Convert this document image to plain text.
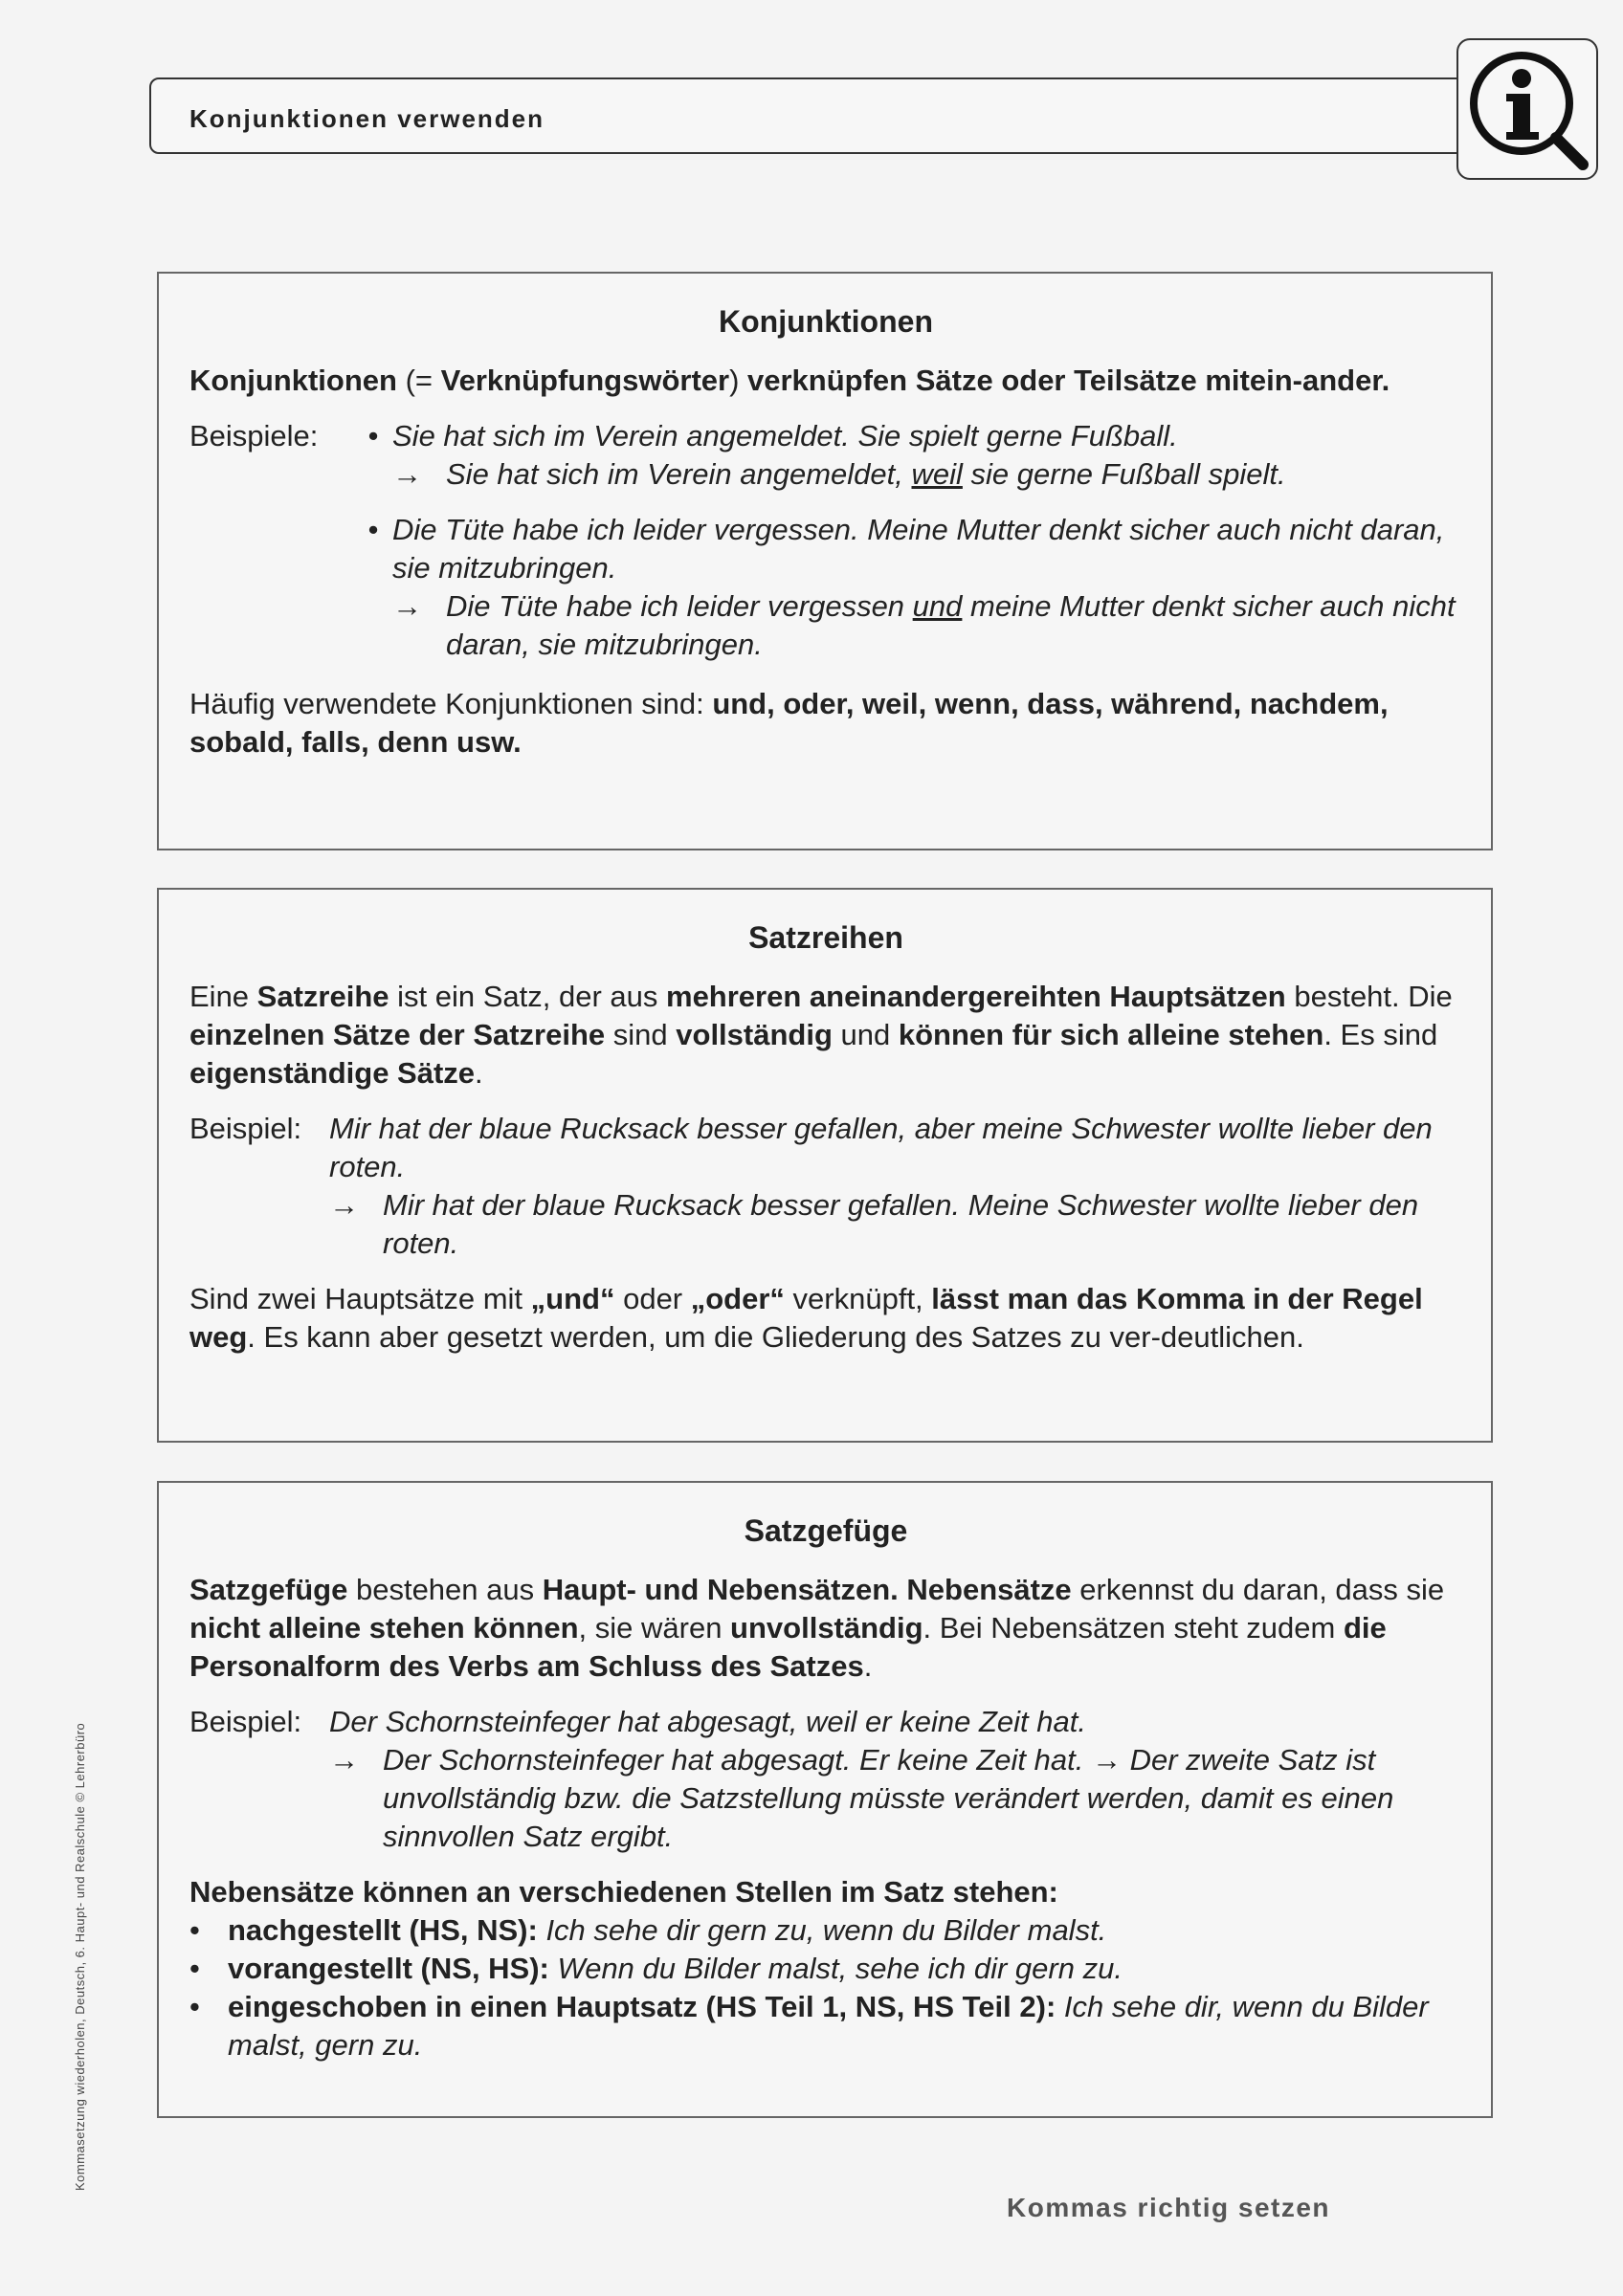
Konjunktionen verwenden
Konjunktionen
Konjunktionen (= Verknüpfungswörter) verknüpfen Sätze oder Teilsätze mitein-ander.
Beispiele:	• Sie hat sich im Verein angemeldet. Sie spielt gerne Fußball.
→ Sie hat sich im Verein angemeldet, weil sie gerne Fußball spielt.
• Die Tüte habe ich leider vergessen. Meine Mutter denkt sicher auch nicht daran, sie mitzubringen.
→ Die Tüte habe ich leider vergessen und meine Mutter denkt sicher auch nicht daran, sie mitzubringen.
Häufig verwendete Konjunktionen sind: und, oder, weil, wenn, dass, während, nachdem, sobald, falls, denn usw.
Satzreihen
Eine Satzreihe ist ein Satz, der aus mehreren aneinandergereihten Hauptsätzen besteht. Die einzelnen Sätze der Satzreihe sind vollständig und können für sich alleine stehen. Es sind eigenständige Sätze.
Beispiel: Mir hat der blaue Rucksack besser gefallen, aber meine Schwester wollte lieber den roten.
→ Mir hat der blaue Rucksack besser gefallen. Meine Schwester wollte lieber den roten.
Sind zwei Hauptsätze mit „und“ oder „oder“ verknüpft, lässt man das Komma in der Regel weg. Es kann aber gesetzt werden, um die Gliederung des Satzes zu ver-deutlichen.
Satzgefüge
Satzgefüge bestehen aus Haupt- und Nebensätzen. Nebensätze erkennst du daran, dass sie nicht alleine stehen können, sie wären unvollständig. Bei Nebensätzen steht zudem die Personalform des Verbs am Schluss des Satzes.
Beispiel: Der Schornsteinfeger hat abgesagt, weil er keine Zeit hat.
→ Der Schornsteinfeger hat abgesagt. Er keine Zeit hat. → Der zweite Satz ist unvollständig bzw. die Satzstellung müsste verändert werden, damit es einen sinnvollen Satz ergibt.
Nebensätze können an verschiedenen Stellen im Satz stehen:
• nachgestellt (HS, NS): Ich sehe dir gern zu, wenn du Bilder malst.
• vorangestellt (NS, HS): Wenn du Bilder malst, sehe ich dir gern zu.
• eingeschoben in einen Hauptsatz (HS Teil 1, NS, HS Teil 2): Ich sehe dir, wenn du Bilder malst, gern zu.
Kommasetzung wiederholen, Deutsch, 6. Haupt- und Realschule © Lehrerbüro
Kommas richtig setzen
